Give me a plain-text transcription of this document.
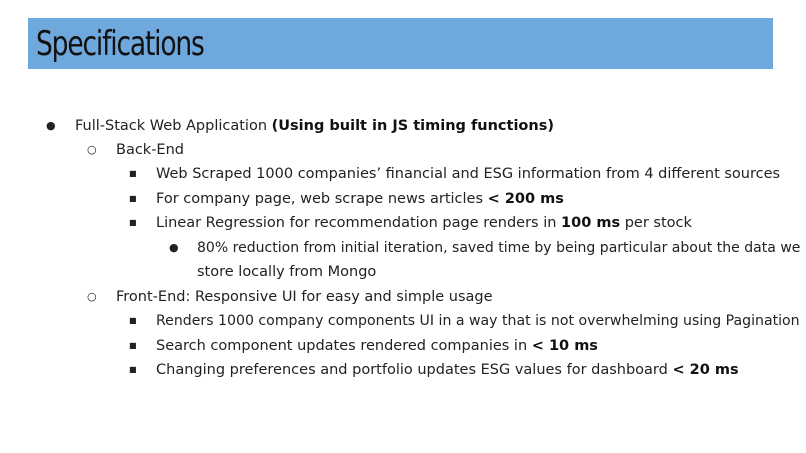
Specifications
● Full-Stack Web Application (Using built in JS timing functions)
○ Back-End
■ Web Scraped 1000 companies’ financial and ESG information from 4 different sources
■ For company page, web scrape news articles < 200 ms
■ Linear Regression for recommendation page renders in 100 ms per stock
● 80% reduction from initial iteration, saved time by being particular about the data we
store locally from Mongo
○ Front-End: Responsive UI for easy and simple usage
■ Renders 1000 company components UI in a way that is not overwhelming using Pagination
■ Search component updates rendered companies in < 10 ms
■ Changing preferences and portfolio updates ESG values for dashboard < 20 ms
